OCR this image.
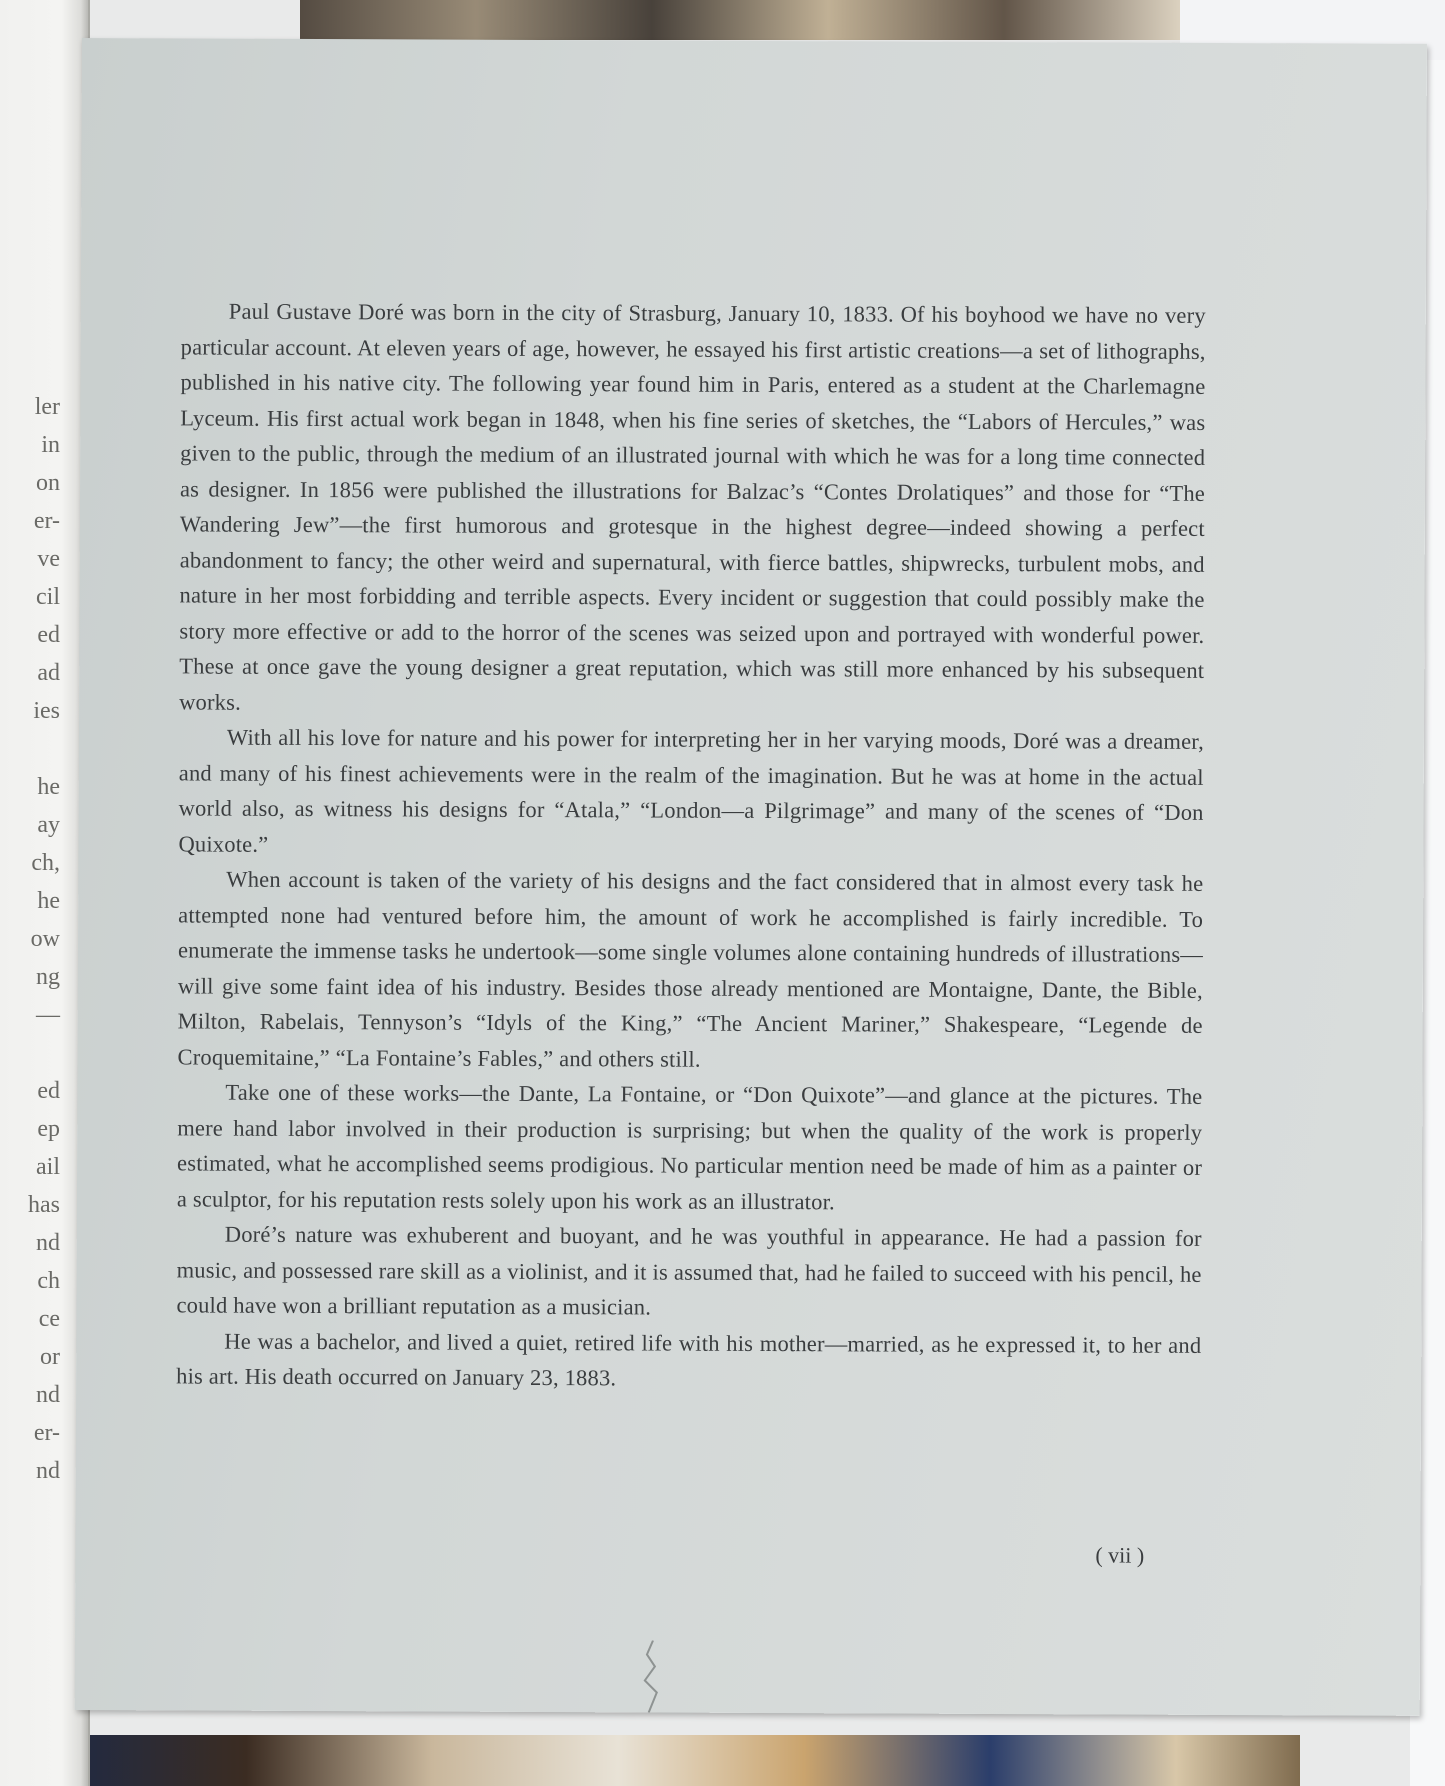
ler
in
on
er-
ve
cil
ed
ad
ies
he
ay
ch,
he
ow
ng
—
ed
ep
ail
has
nd
ch
ce
or
nd
er-
nd

Paul Gustave Doré was born in the city of Strasburg, January 10, 1833. Of his boyhood we have no very particular account. At eleven years of age, however, he essayed his first artistic creations—a set of lithographs, published in his native city. The following year found him in Paris, entered as a student at the Charlemagne Lyceum. His first actual work began in 1848, when his fine series of sketches, the “Labors of Hercules,” was given to the public, through the medium of an illustrated journal with which he was for a long time connected as designer. In 1856 were published the illustrations for Balzac’s “Contes Drolatiques” and those for “The Wandering Jew”—the first humorous and grotesque in the highest degree—indeed showing a perfect abandonment to fancy; the other weird and supernatural, with fierce battles, shipwrecks, turbulent mobs, and nature in her most forbidding and terrible aspects. Every incident or suggestion that could possibly make the story more effective or add to the horror of the scenes was seized upon and portrayed with wonderful power. These at once gave the young designer a great reputation, which was still more enhanced by his subsequent works.

With all his love for nature and his power for interpreting her in her varying moods, Doré was a dreamer, and many of his finest achievements were in the realm of the imagination. But he was at home in the actual world also, as witness his designs for “Atala,” “London—a Pilgrimage” and many of the scenes of “Don Quixote.”

When account is taken of the variety of his designs and the fact considered that in almost every task he attempted none had ventured before him, the amount of work he accomplished is fairly incredible. To enumerate the immense tasks he undertook—some single volumes alone containing hundreds of illustrations—will give some faint idea of his industry. Besides those already mentioned are Montaigne, Dante, the Bible, Milton, Rabelais, Tennyson’s “Idyls of the King,” “The Ancient Mariner,” Shakespeare, “Legende de Croquemitaine,” “La Fontaine’s Fables,” and others still.

Take one of these works—the Dante, La Fontaine, or “Don Quixote”—and glance at the pictures. The mere hand labor involved in their production is surprising; but when the quality of the work is properly estimated, what he accomplished seems prodigious. No particular mention need be made of him as a painter or a sculptor, for his reputation rests solely upon his work as an illustrator.

Doré’s nature was exhuberent and buoyant, and he was youthful in appearance. He had a passion for music, and possessed rare skill as a violinist, and it is assumed that, had he failed to succeed with his pencil, he could have won a brilliant reputation as a musician.

He was a bachelor, and lived a quiet, retired life with his mother—married, as he expressed it, to her and his art. His death occurred on January 23, 1883.

( vii )
